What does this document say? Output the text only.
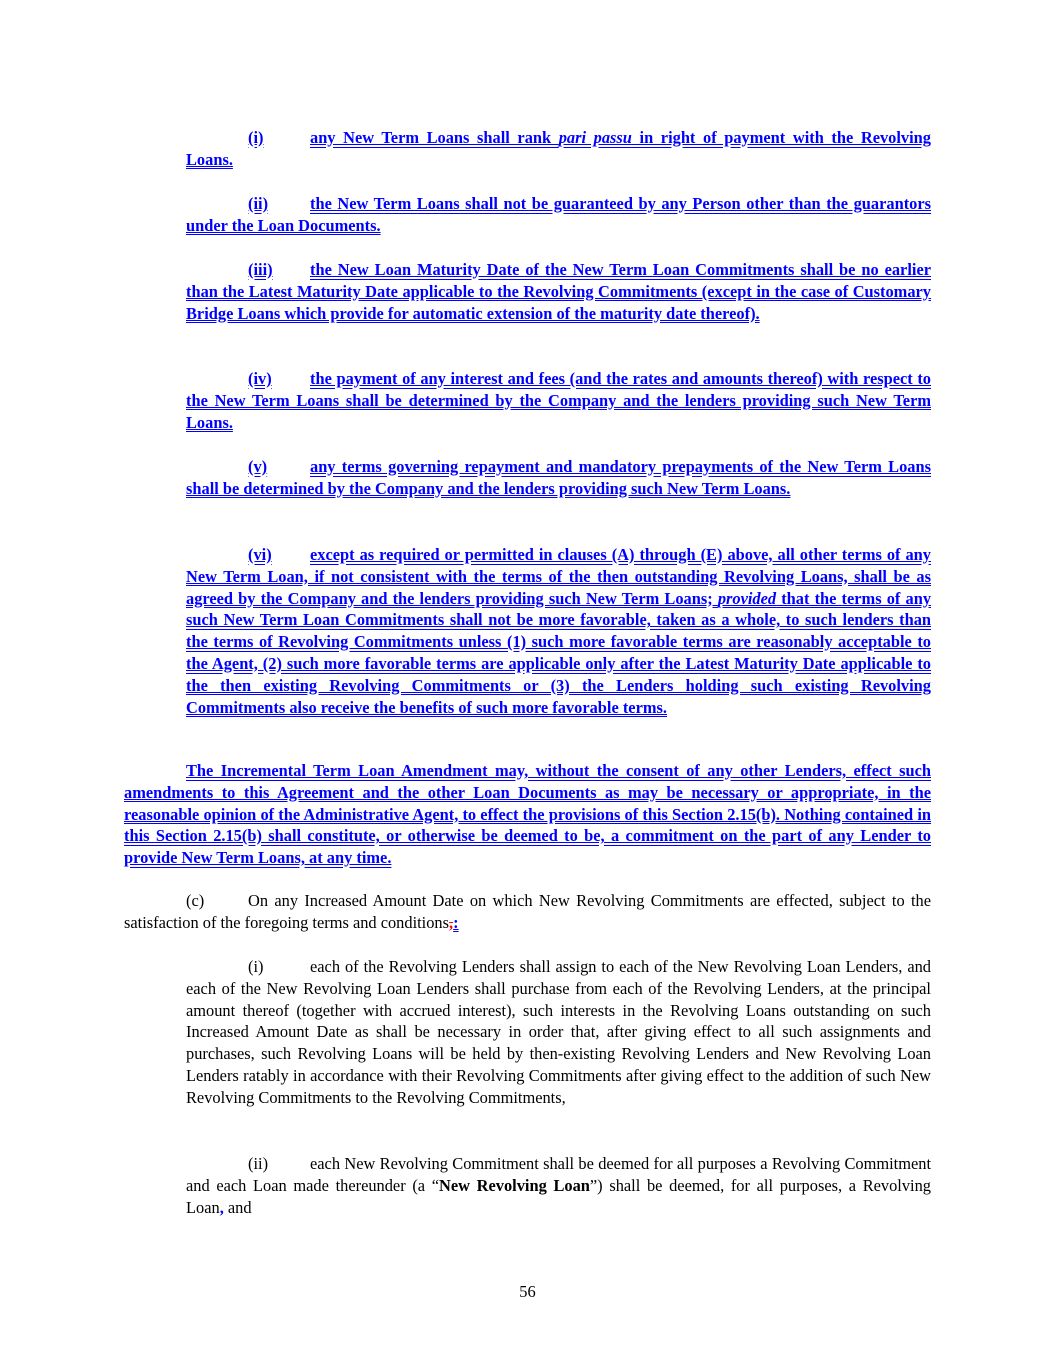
(i)	any New Term Loans shall rank pari passu in right of payment with the Revolving Loans.

(ii)	the New Term Loans shall not be guaranteed by any Person other than the guarantors under the Loan Documents.

(iii) the New Loan Maturity Date of the New Term Loan Commitments shall be no earlier than the Latest Maturity Date applicable to the Revolving Commitments (except in the case of Customary Bridge Loans which provide for automatic extension of the maturity date thereof).

(iv) the payment of any interest and fees (and the rates and amounts thereof) with respect to the New Term Loans shall be determined by the Company and the lenders providing such New Term Loans.

(v)	any terms governing repayment and mandatory prepayments of the New Term Loans shall be determined by the Company and the lenders providing such New Term Loans.

(vi) except as required or permitted in clauses (A) through (E) above, all other terms of any New Term Loan, if not consistent with the terms of the then outstanding Revolving Loans, shall be as agreed by the Company and the lenders providing such New Term Loans; provided that the terms of any such New Term Loan Commitments shall not be more favorable, taken as a whole, to such lenders than the terms of Revolving Commitments unless (1) such more favorable terms are reasonably acceptable to the Agent, (2) such more favorable terms are applicable only after the Latest Maturity Date applicable to the then existing Revolving Commitments or (3) the Lenders holding such existing Revolving Commitments also receive the benefits of such more favorable terms.

The Incremental Term Loan Amendment may, without the consent of any other Lenders, effect such amendments to this Agreement and the other Loan Documents as may be necessary or appropriate, in the reasonable opinion of the Administrative Agent, to effect the provisions of this Section 2.15(b). Nothing contained in this Section 2.15(b) shall constitute, or otherwise be deemed to be, a commitment on the part of any Lender to provide New Term Loans, at any time.

(c)	On any Increased Amount Date on which New Revolving Commitments are effected, subject to the satisfaction of the foregoing terms and conditions,:

(i)	each of the Revolving Lenders shall assign to each of the New Revolving Loan Lenders, and each of the New Revolving Loan Lenders shall purchase from each of the Revolving Lenders, at the principal amount thereof (together with accrued interest), such interests in the Revolving Loans outstanding on such Increased Amount Date as shall be necessary in order that, after giving effect to all such assignments and purchases, such Revolving Loans will be held by then-existing Revolving Lenders and New Revolving Loan Lenders ratably in accordance with their Revolving Commitments after giving effect to the addition of such New Revolving Commitments to the Revolving Commitments,

(ii)	each New Revolving Commitment shall be deemed for all purposes a Revolving Commitment and each Loan made thereunder (a “New Revolving Loan”) shall be deemed, for all purposes, a Revolving Loan, and

56
